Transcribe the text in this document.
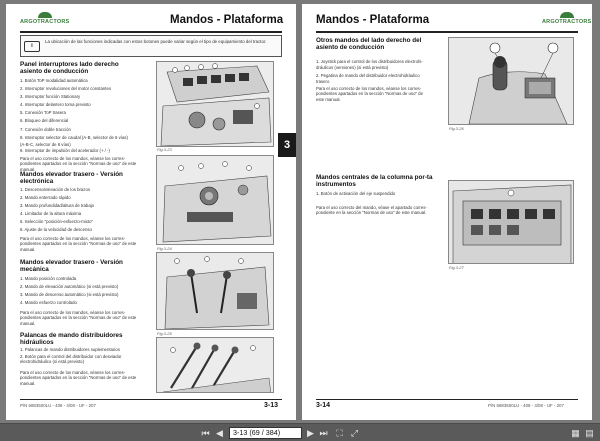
Mandos - Plataforma
ARGOTRACTORS
i
La ubicación de las funciones indicadas con estos botones puede variar según el tipo de equipamiento del tractor.
Panel interruptores lado derecho asiento de conducción
1. Botón ToP modalidad automática
2. Interruptor revoluciones del motor constantes
3. Interruptor función Stationary
4. Interruptor delantero toma previsto
5. Conexión ToP trasera
6. Bloqueo del diferencial
7. Conexión doble tracción
8. Interruptor selector de caudal (A-B, selector de 6 vías)
(A-B-C, selector de 6 vías)
9. Interruptor de impulsión del acelerador (+ / -)
Para el uso correcto de los mandos, véanse los corres-pondientes apartados en la sección "Normas de uso" de este manual.
Fig.3-23
Mandos elevador trasero - Versión electrónica
1. Descenso/elevación de los brazos
2. Mando enterrado rápido
3. Mando profundidad/altura de trabajo
4. Limitador de la altura máxima
5. Selección "posición-esfuerzo-mixto"
6. Ajuste de la velocidad de descenso
Para el uso correcto de los mandos, véanse los corres-pondientes apartados en la sección "Normas de uso" de este manual.	Fig.3-24
Mandos elevador trasero - Versión mecánica
1. Mando posición controlada
2. Mando de elevación automático (si está previsto)
3. Mando de descenso automático (si está previsto)
4. Mando esfuerzo controlado
Para el uso correcto de los mandos, véanse los corres-pondientes apartados en la sección "Normas de uso" de este manual.
Fig.3-25
Palancas de mando distribuidores hidráulicos
1. Palancas de mando distribuidores suplementarios
2. Botón para el control del distribuidor con desviador electrohidráulico (si está previsto)
Para el uso correcto de los mandos, véanse los corres-pondientes apartados en la sección "Normas de uso" de este manual.
P/N 6883500LU - 408 - 4/08 - UF - 207	3-13
3
Mandos - Plataforma	ARGOTRACTORS
Otros mandos del lado derecho del asiento de conducción
1. Joystick para el control de los distribuidores electrohi-
dráulicos (versiones) (si está previsto)
2. Pegatina de mando del distribuidor electrohidráulico
trasero
Para el uso correcto de los mandos, véanse los corres-pondientes apartados en la sección "Normas de uso" de este manual.
Fig.3-26
Mandos centrales de la columna por-ta instrumentos
1. Botón de activación del eje suspendido
Para el uso correcto del mando, véase el apartado corres-pondiente en la sección "Normas de uso" de este manual.
Fig.3-27
3-14	P/N 6883500LU - 408 - 4/08 - UF - 207
⏮ ◀	3-13 (69 / 384)	▶ ⏭ ⛶ ⤢	▦ ▤
